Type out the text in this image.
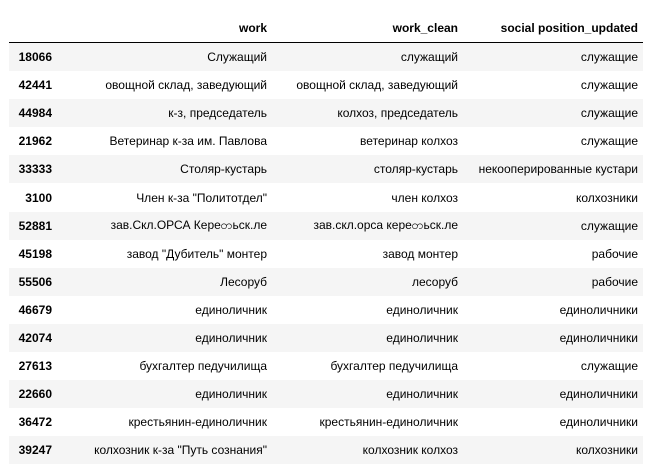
	work	work_clean	social position_updated
18066	Служащий	служащий	служащие
42441	овощной склад, заведующий	овощной склад, заведующий	служащие
44984	к-з, председатель	колхоз, председатель	служащие
21962	Ветеринар к-за им. Павлова	ветеринар колхоз	служащие
33333	Столяр-кустарь	столяр-кустарь	некооперированные кустари
3100	Член к-за "Политотдел"	член колхоз	колхозники
52881	зав.Скл.ОРСА Кереတьск.ле	зав.скл.орса кереတьск.ле	служащие
45198	завод "Дубитель" монтер	завод монтер	рабочие
55506	Лесоруб	лесоруб	рабочие
46679	единоличник	единоличник	единоличники
42074	единоличник	единоличник	единоличники
27613	бухгалтер педучилища	бухгалтер педучилища	служащие
22660	единоличник	единоличник	единоличники
36472	крестьянин-единоличник	крестьянин-единоличник	единоличники
39247	колхозник к-за "Путь сознания"	колхозник колхоз	колхозники
